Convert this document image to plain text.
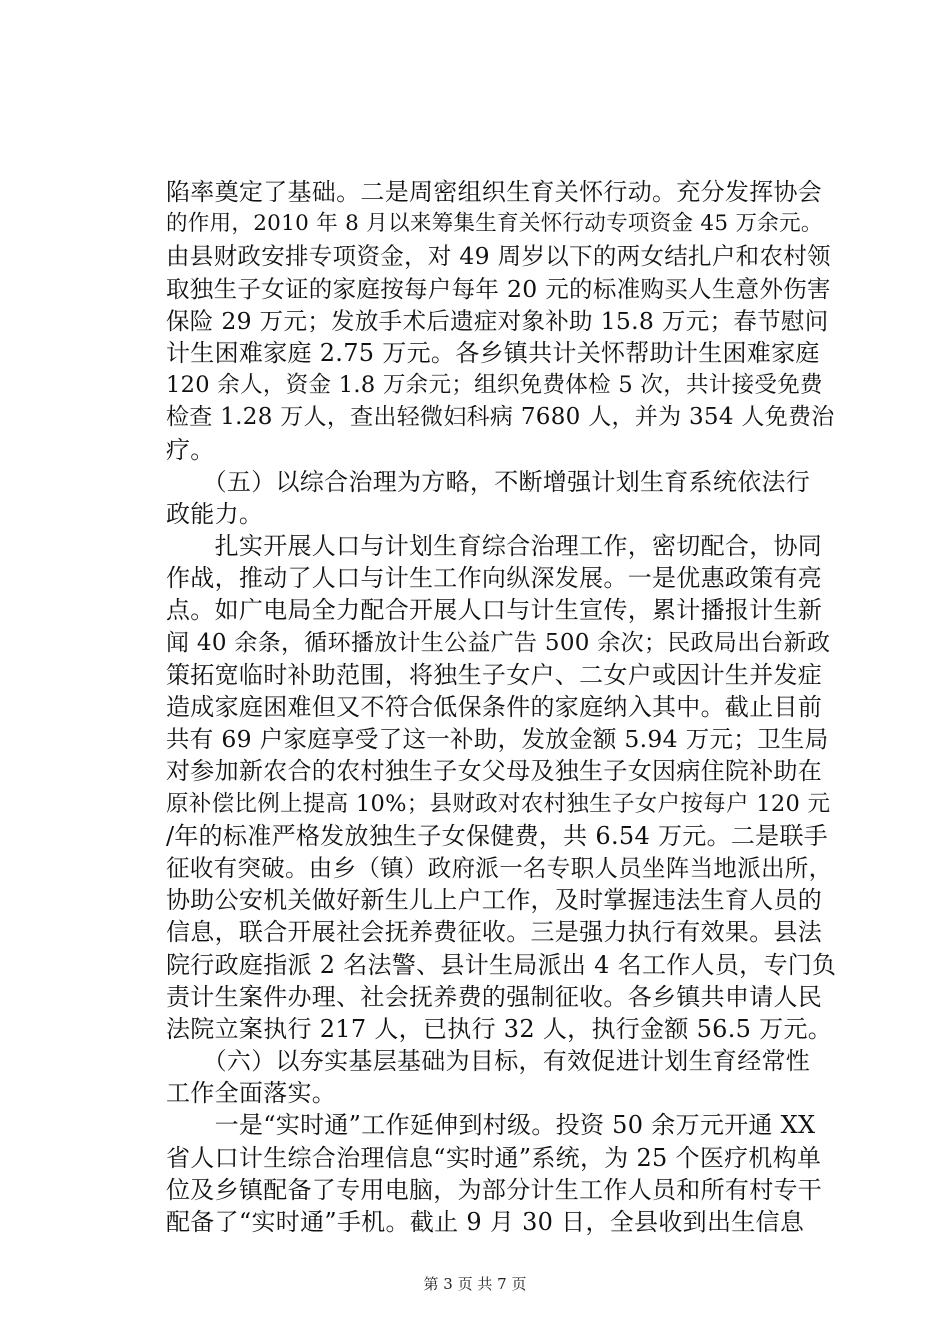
陷率奠定了基础。二是周密组织生育关怀行动。充分发挥协会
的作用，2010 年 8 月以来筹集生育关怀行动专项资金 45 万余元。
由县财政安排专项资金，对 49 周岁以下的两女结扎户和农村领
取独生子女证的家庭按每户每年 20 元的标准购买人生意外伤害
保险 29 万元；发放手术后遗症对象补助 15.8 万元；春节慰问
计生困难家庭 2.75 万元。各乡镇共计关怀帮助计生困难家庭
120 余人，资金 1.8 万余元；组织免费体检 5 次，共计接受免费
检查 1.28 万人，查出轻微妇科病 7680 人，并为 354 人免费治
疗。
　　（五）以综合治理为方略，不断增强计划生育系统依法行
政能力。
　　扎实开展人口与计划生育综合治理工作，密切配合，协同
作战，推动了人口与计生工作向纵深发展。一是优惠政策有亮
点。如广电局全力配合开展人口与计生宣传，累计播报计生新
闻 40 余条，循环播放计生公益广告 500 余次；民政局出台新政
策拓宽临时补助范围，将独生子女户、二女户或因计生并发症
造成家庭困难但又不符合低保条件的家庭纳入其中。截止目前
共有 69 户家庭享受了这一补助，发放金额 5.94 万元；卫生局
对参加新农合的农村独生子女父母及独生子女因病住院补助在
原补偿比例上提高 10%；县财政对农村独生子女户按每户 120 元
/年的标准严格发放独生子女保健费，共 6.54 万元。二是联手
征收有突破。由乡（镇）政府派一名专职人员坐阵当地派出所，
协助公安机关做好新生儿上户工作，及时掌握违法生育人员的
信息，联合开展社会抚养费征收。三是强力执行有效果。县法
院行政庭指派 2 名法警、县计生局派出 4 名工作人员，专门负
责计生案件办理、社会抚养费的强制征收。各乡镇共申请人民
法院立案执行 217 人，已执行 32 人，执行金额 56.5 万元。
　　（六）以夯实基层基础为目标，有效促进计划生育经常性
工作全面落实。
　　一是“实时通”工作延伸到村级。投资 50 余万元开通 XX
省人口计生综合治理信息“实时通”系统，为 25 个医疗机构单
位及乡镇配备了专用电脑，为部分计生工作人员和所有村专干
配备了“实时通”手机。截止 9 月 30 日，全县收到出生信息
第 3 页 共 7 页
